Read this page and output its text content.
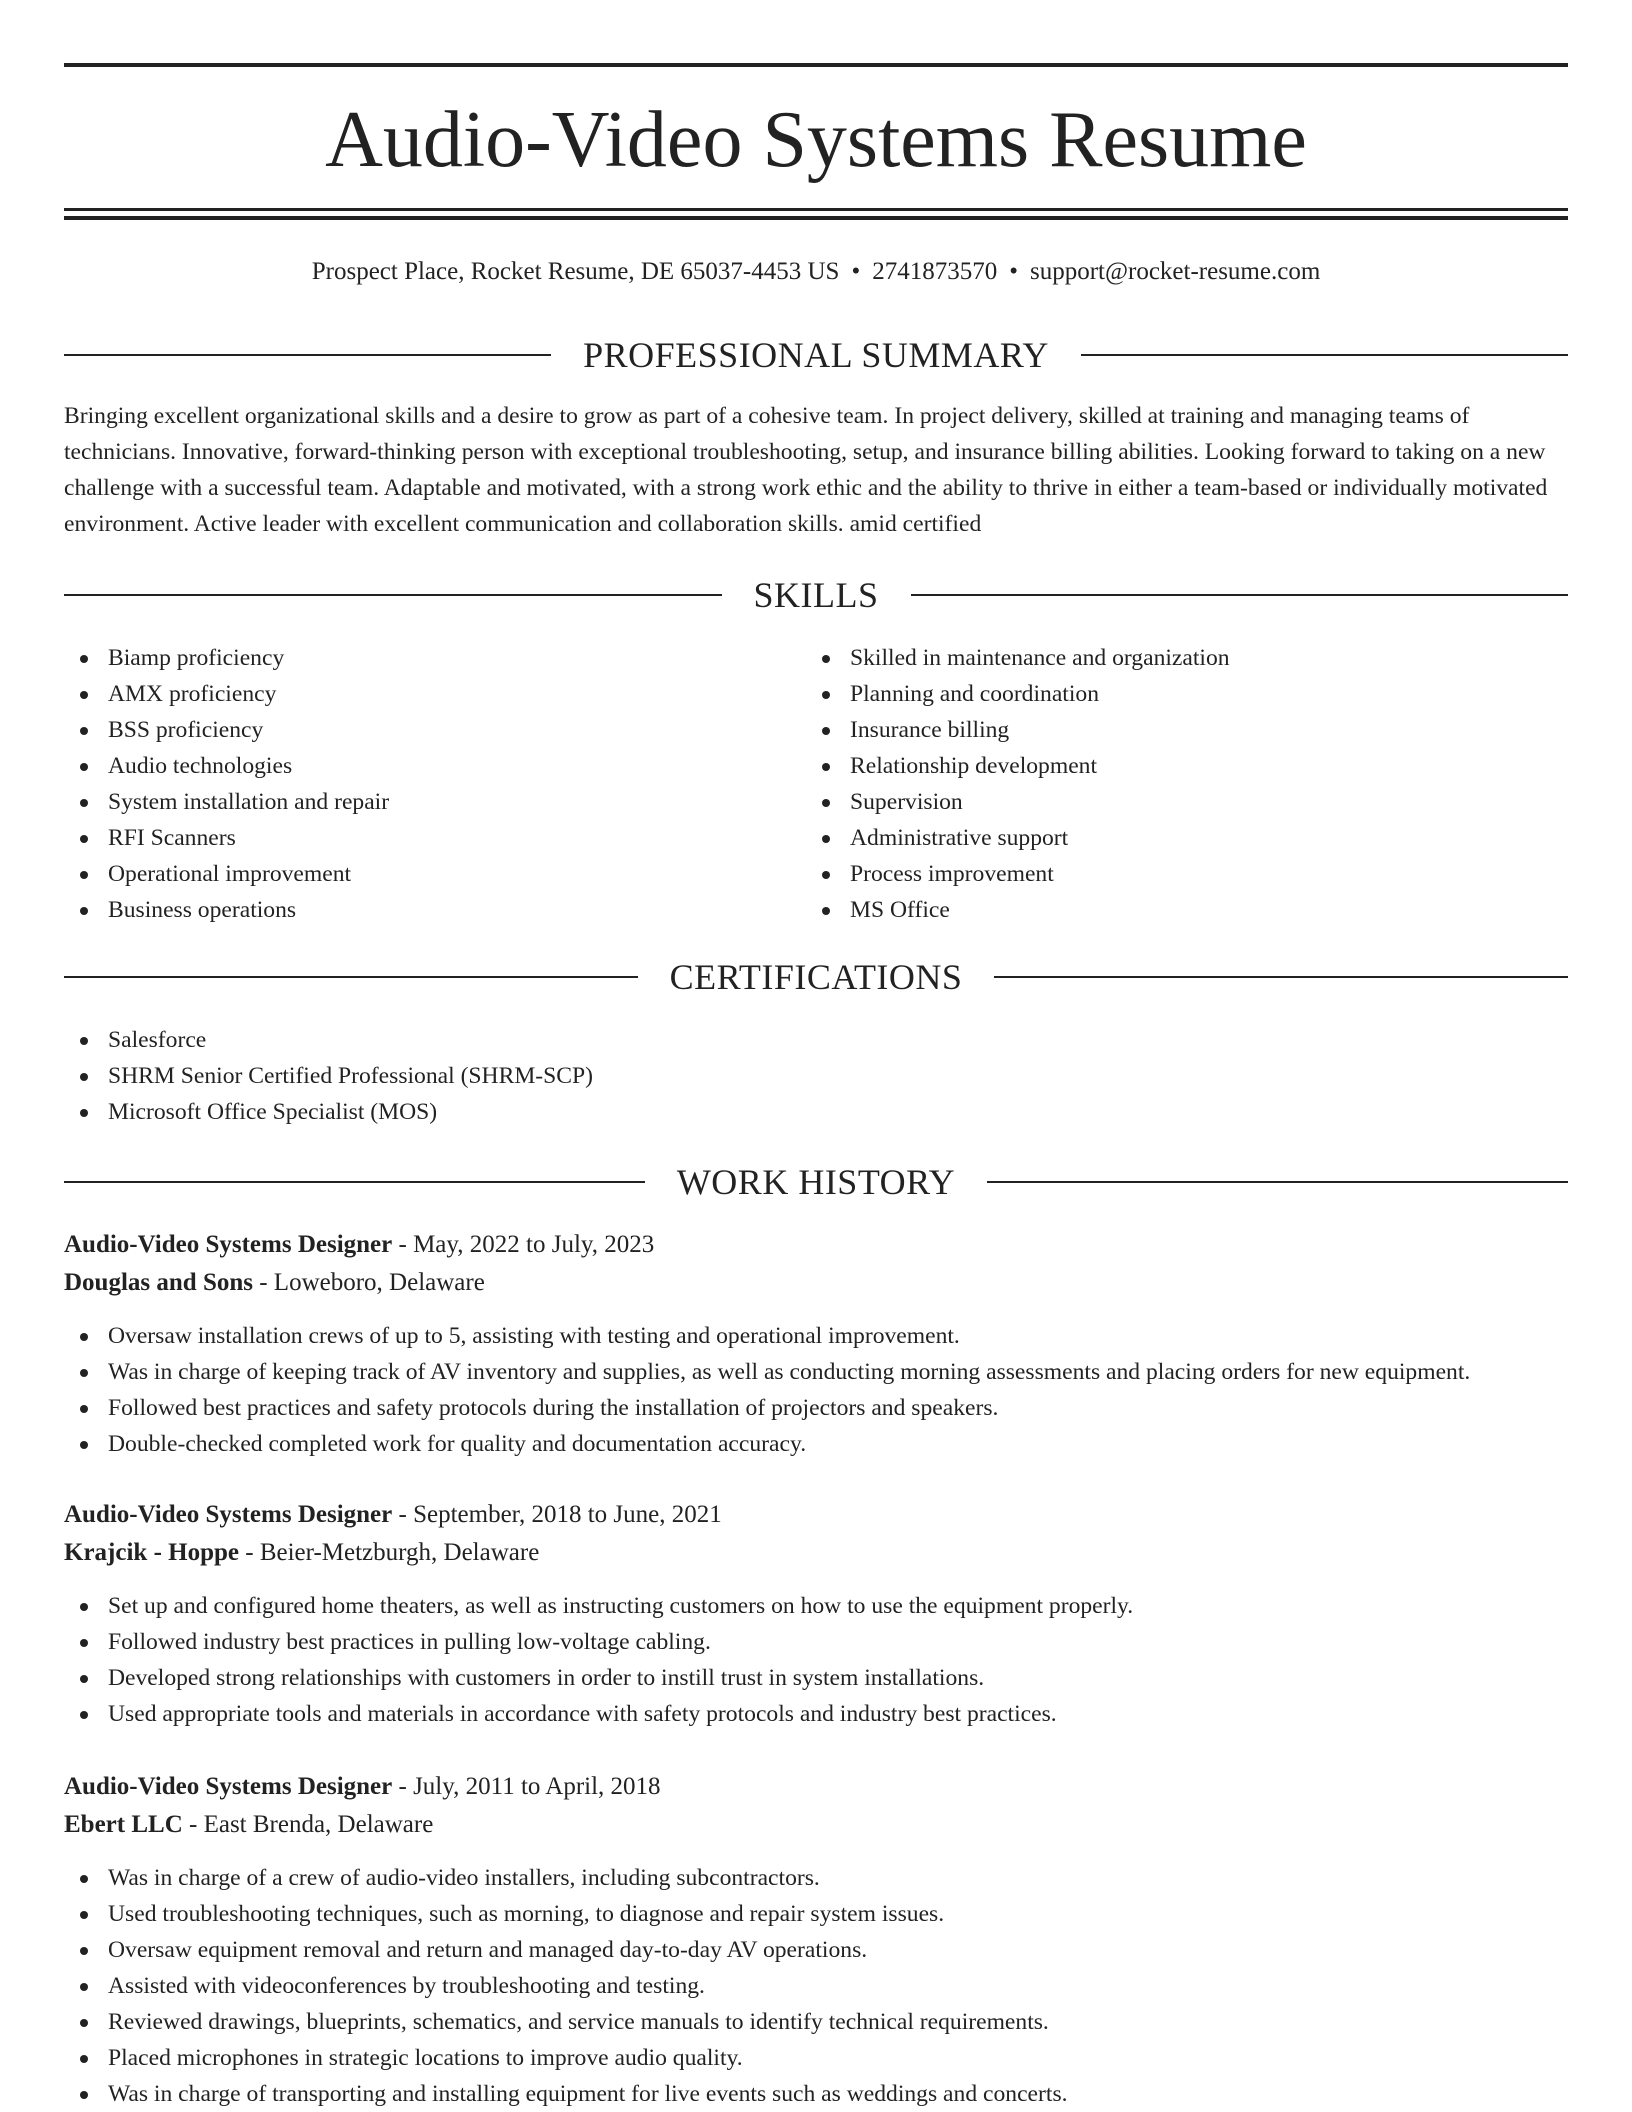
Audio-Video Systems Resume
Prospect Place, Rocket Resume, DE 65037-4453 US • 2741873570 • support@rocket-resume.com
PROFESSIONAL SUMMARY

Bringing excellent organizational skills and a desire to grow as part of a cohesive team. In project delivery, skilled at training and managing teams of technicians. Innovative, forward-thinking person with exceptional troubleshooting, setup, and insurance billing abilities. Looking forward to taking on a new challenge with a successful team. Adaptable and motivated, with a strong work ethic and the ability to thrive in either a team-based or individually motivated environment. Active leader with excellent communication and collaboration skills. amid certified

SKILLS
Biamp proficiency
AMX proficiency
BSS proficiency
Audio technologies
System installation and repair
RFI Scanners
Operational improvement
Business operations
Skilled in maintenance and organization
Planning and coordination
Insurance billing
Relationship development
Supervision
Administrative support
Process improvement
MS Office
CERTIFICATIONS
Salesforce
SHRM Senior Certified Professional (SHRM-SCP)
Microsoft Office Specialist (MOS)
WORK HISTORY
Audio-Video Systems Designer - May, 2022 to July, 2023
Douglas and Sons - Loweboro, Delaware
Oversaw installation crews of up to 5, assisting with testing and operational improvement.
Was in charge of keeping track of AV inventory and supplies, as well as conducting morning assessments and placing orders for new equipment.
Followed best practices and safety protocols during the installation of projectors and speakers.
Double-checked completed work for quality and documentation accuracy.
Audio-Video Systems Designer - September, 2018 to June, 2021
Krajcik - Hoppe - Beier-Metzburgh, Delaware
Set up and configured home theaters, as well as instructing customers on how to use the equipment properly.
Followed industry best practices in pulling low-voltage cabling.
Developed strong relationships with customers in order to instill trust in system installations.
Used appropriate tools and materials in accordance with safety protocols and industry best practices.
Audio-Video Systems Designer - July, 2011 to April, 2018
Ebert LLC - East Brenda, Delaware
Was in charge of a crew of audio-video installers, including subcontractors.
Used troubleshooting techniques, such as morning, to diagnose and repair system issues.
Oversaw equipment removal and return and managed day-to-day AV operations.
Assisted with videoconferences by troubleshooting and testing.
Reviewed drawings, blueprints, schematics, and service manuals to identify technical requirements.
Placed microphones in strategic locations to improve audio quality.
Was in charge of transporting and installing equipment for live events such as weddings and concerts.
